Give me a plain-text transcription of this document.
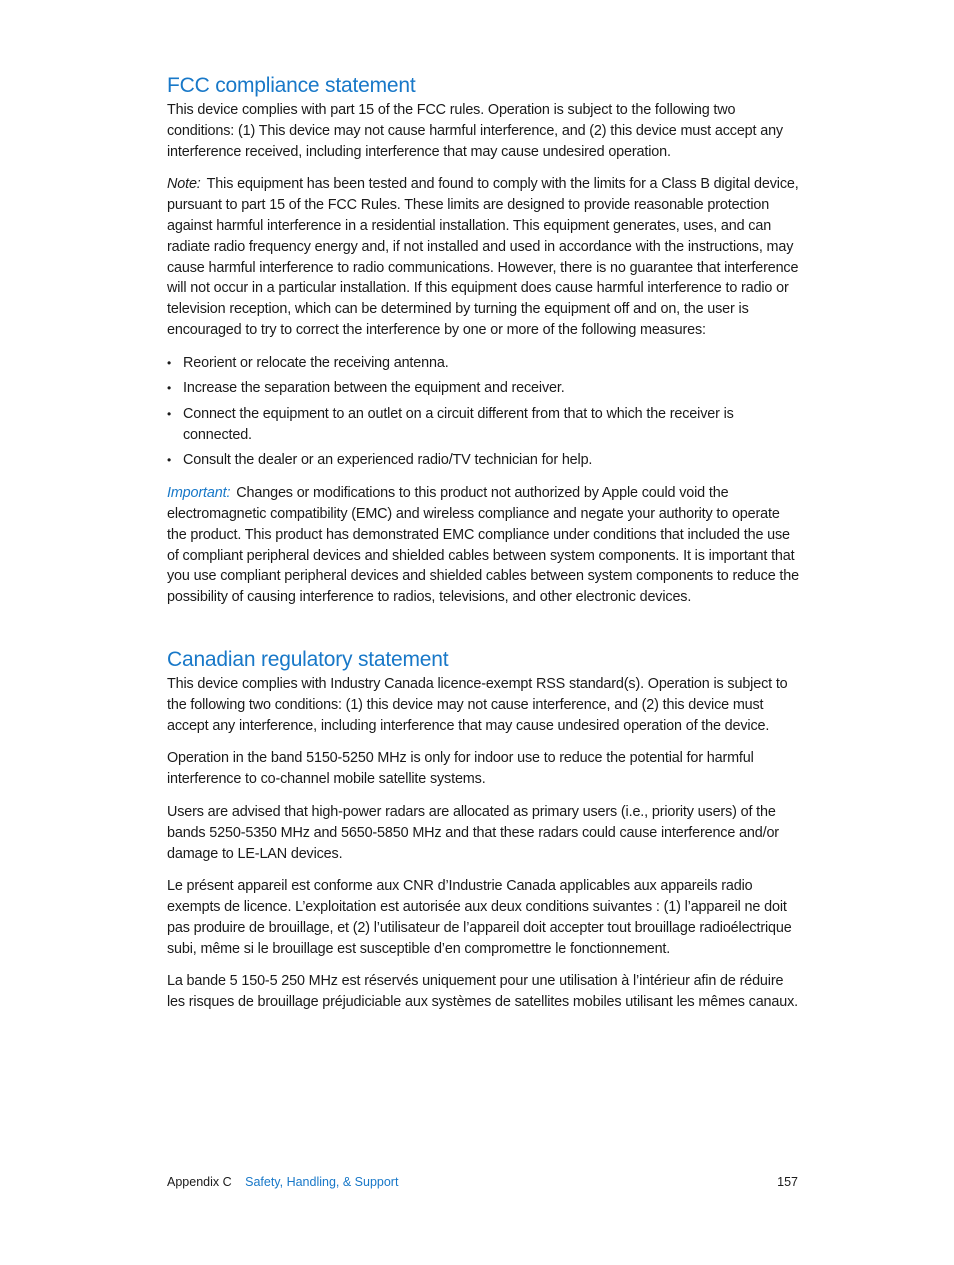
FCC compliance statement

This device complies with part 15 of the FCC rules. Operation is subject to the following two conditions: (1) This device may not cause harmful interference, and (2) this device must accept any interference received, including interference that may cause undesired operation.

Note: This equipment has been tested and found to comply with the limits for a Class B digital device, pursuant to part 15 of the FCC Rules. These limits are designed to provide reasonable protection against harmful interference in a residential installation. This equipment generates, uses, and can radiate radio frequency energy and, if not installed and used in accordance with the instructions, may cause harmful interference to radio communications. However, there is no guarantee that interference will not occur in a particular installation. If this equipment does cause harmful interference to radio or television reception, which can be determined by turning the equipment off and on, the user is encouraged to try to correct the interference by one or more of the following measures:

• Reorient or relocate the receiving antenna.
• Increase the separation between the equipment and receiver.
• Connect the equipment to an outlet on a circuit different from that to which the receiver is connected.
• Consult the dealer or an experienced radio/TV technician for help.

Important: Changes or modifications to this product not authorized by Apple could void the electromagnetic compatibility (EMC) and wireless compliance and negate your authority to operate the product. This product has demonstrated EMC compliance under conditions that included the use of compliant peripheral devices and shielded cables between system components. It is important that you use compliant peripheral devices and shielded cables between system components to reduce the possibility of causing interference to radios, televisions, and other electronic devices.

Canadian regulatory statement

This device complies with Industry Canada licence-exempt RSS standard(s). Operation is subject to the following two conditions: (1) this device may not cause interference, and (2) this device must accept any interference, including interference that may cause undesired operation of the device.

Operation in the band 5150-5250 MHz is only for indoor use to reduce the potential for harmful interference to co-channel mobile satellite systems.

Users are advised that high-power radars are allocated as primary users (i.e., priority users) of the bands 5250-5350 MHz and 5650-5850 MHz and that these radars could cause interference and/or damage to LE-LAN devices.

Le présent appareil est conforme aux CNR d’Industrie Canada applicables aux appareils radio exempts de licence. L’exploitation est autorisée aux deux conditions suivantes : (1) l’appareil ne doit pas produire de brouillage, et (2) l’utilisateur de l’appareil doit accepter tout brouillage radioélectrique subi, même si le brouillage est susceptible d’en compromettre le fonctionnement.

La bande 5 150-5 250 MHz est réservés uniquement pour une utilisation à l’intérieur afin de réduire les risques de brouillage préjudiciable aux systèmes de satellites mobiles utilisant les mêmes canaux.

Appendix C Safety, Handling, & Support	157
